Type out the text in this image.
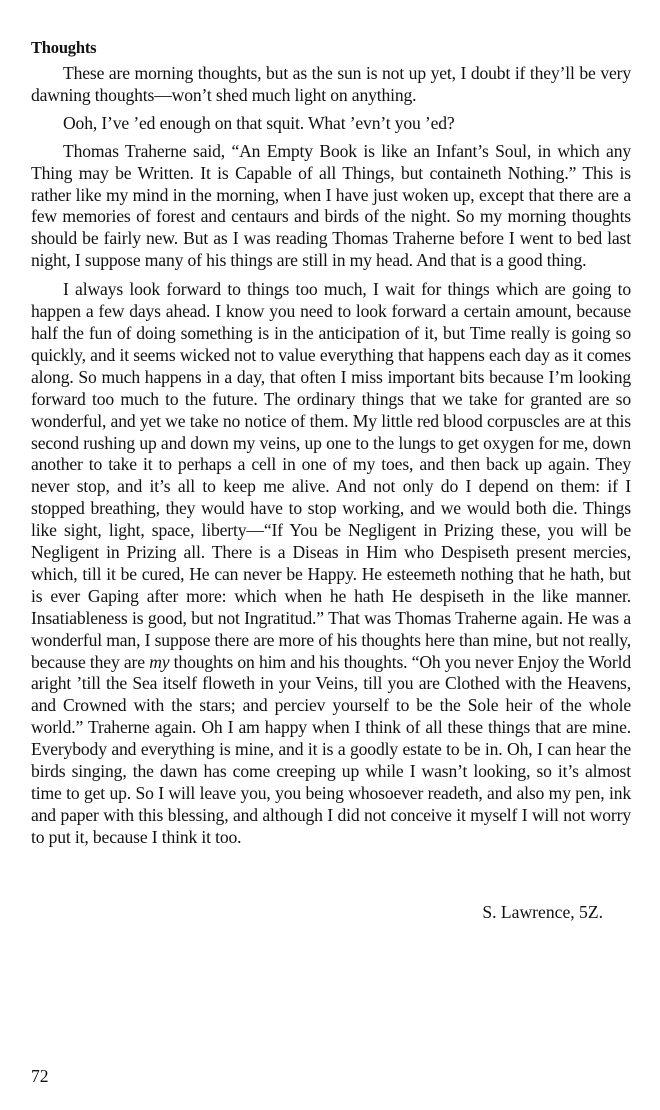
Thoughts

These are morning thoughts, but as the sun is not up yet, I doubt if they’ll be very dawning thoughts—won’t shed much light on anything.

Ooh, I’ve ’ed enough on that squit. What ’evn’t you ’ed?

Thomas Traherne said, “An Empty Book is like an Infant’s Soul, in which any Thing may be Written. It is Capable of all Things, but containeth Nothing.” This is rather like my mind in the morning, when I have just woken up, except that there are a few memories of forest and centaurs and birds of the night. So my morning thoughts should be fairly new. But as I was reading Thomas Traherne before I went to bed last night, I suppose many of his things are still in my head. And that is a good thing.

I always look forward to things too much, I wait for things which are going to happen a few days ahead. I know you need to look forward a certain amount, because half the fun of doing something is in the anticipation of it, but Time really is going so quickly, and it seems wicked not to value everything that happens each day as it comes along. So much happens in a day, that often I miss important bits because I’m looking forward too much to the future. The ordinary things that we take for granted are so wonderful, and yet we take no notice of them. My little red blood corpuscles are at this second rushing up and down my veins, up one to the lungs to get oxygen for me, down another to take it to perhaps a cell in one of my toes, and then back up again. They never stop, and it’s all to keep me alive. And not only do I depend on them: if I stopped breathing, they would have to stop working, and we would both die. Things like sight, light, space, liberty—“If You be Negligent in Prizing these, you will be Negligent in Prizing all. There is a Diseas in Him who Despiseth present mercies, which, till it be cured, He can never be Happy. He esteemeth nothing that he hath, but is ever Gaping after more: which when he hath He despiseth in the like manner. Insatiableness is good, but not Ingratitud.” That was Thomas Traherne again. He was a wonderful man, I suppose there are more of his thoughts here than mine, but not really, because they are my thoughts on him and his thoughts. “Oh you never Enjoy the World aright ’till the Sea itself floweth in your Veins, till you are Clothed with the Heavens, and Crowned with the stars; and perciev yourself to be the Sole heir of the whole world.” Traherne again. Oh I am happy when I think of all these things that are mine. Everybody and everything is mine, and it is a goodly estate to be in. Oh, I can hear the birds singing, the dawn has come creeping up while I wasn’t looking, so it’s almost time to get up. So I will leave you, you being whosoever readeth, and also my pen, ink and paper with this blessing, and although I did not conceive it myself I will not worry to put it, because I think it too.

S. Lawrence, 5Z.
72
